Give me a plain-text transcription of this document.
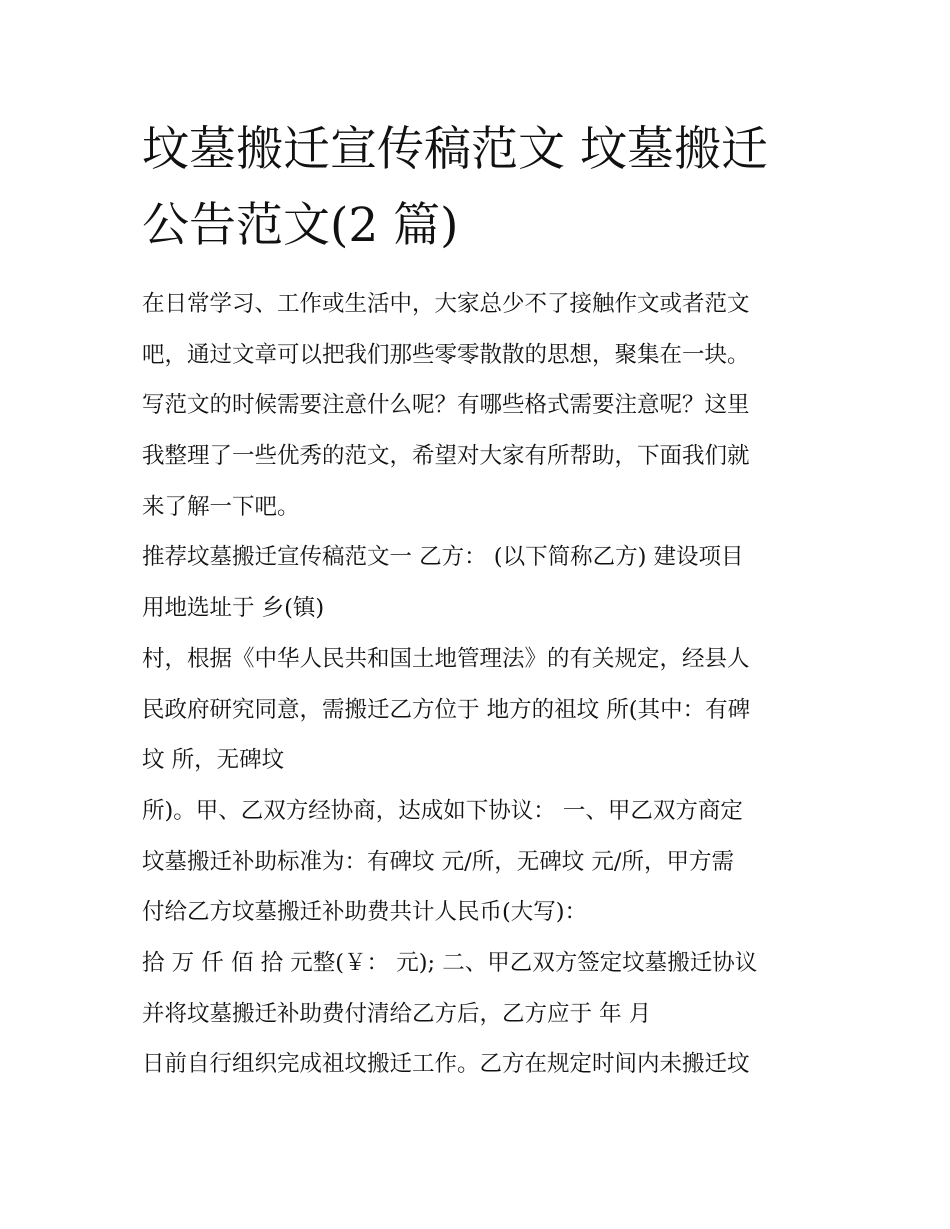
坟墓搬迁宣传稿范文 坟墓搬迁
公告范文(2 篇)
在日常学习、工作或生活中，大家总少不了接触作文或者范文
吧，通过文章可以把我们那些零零散散的思想，聚集在一块。
写范文的时候需要注意什么呢？有哪些格式需要注意呢？这里
我整理了一些优秀的范文，希望对大家有所帮助，下面我们就
来了解一下吧。
推荐坟墓搬迁宣传稿范文一 乙方： (以下简称乙方) 建设项目
用地选址于 乡(镇)
村，根据《中华人民共和国土地管理法》的有关规定，经县人
民政府研究同意，需搬迁乙方位于 地方的祖坟 所(其中：有碑
坟 所，无碑坟
所)。甲、乙双方经协商，达成如下协议： 一、甲乙双方商定
坟墓搬迁补助标准为：有碑坟 元/所，无碑坟 元/所，甲方需
付给乙方坟墓搬迁补助费共计人民币(大写)：
拾 万 仟 佰 拾 元整(￥： 元); 二、甲乙双方签定坟墓搬迁协议
并将坟墓搬迁补助费付清给乙方后，乙方应于 年 月
日前自行组织完成祖坟搬迁工作。乙方在规定时间内未搬迁坟
